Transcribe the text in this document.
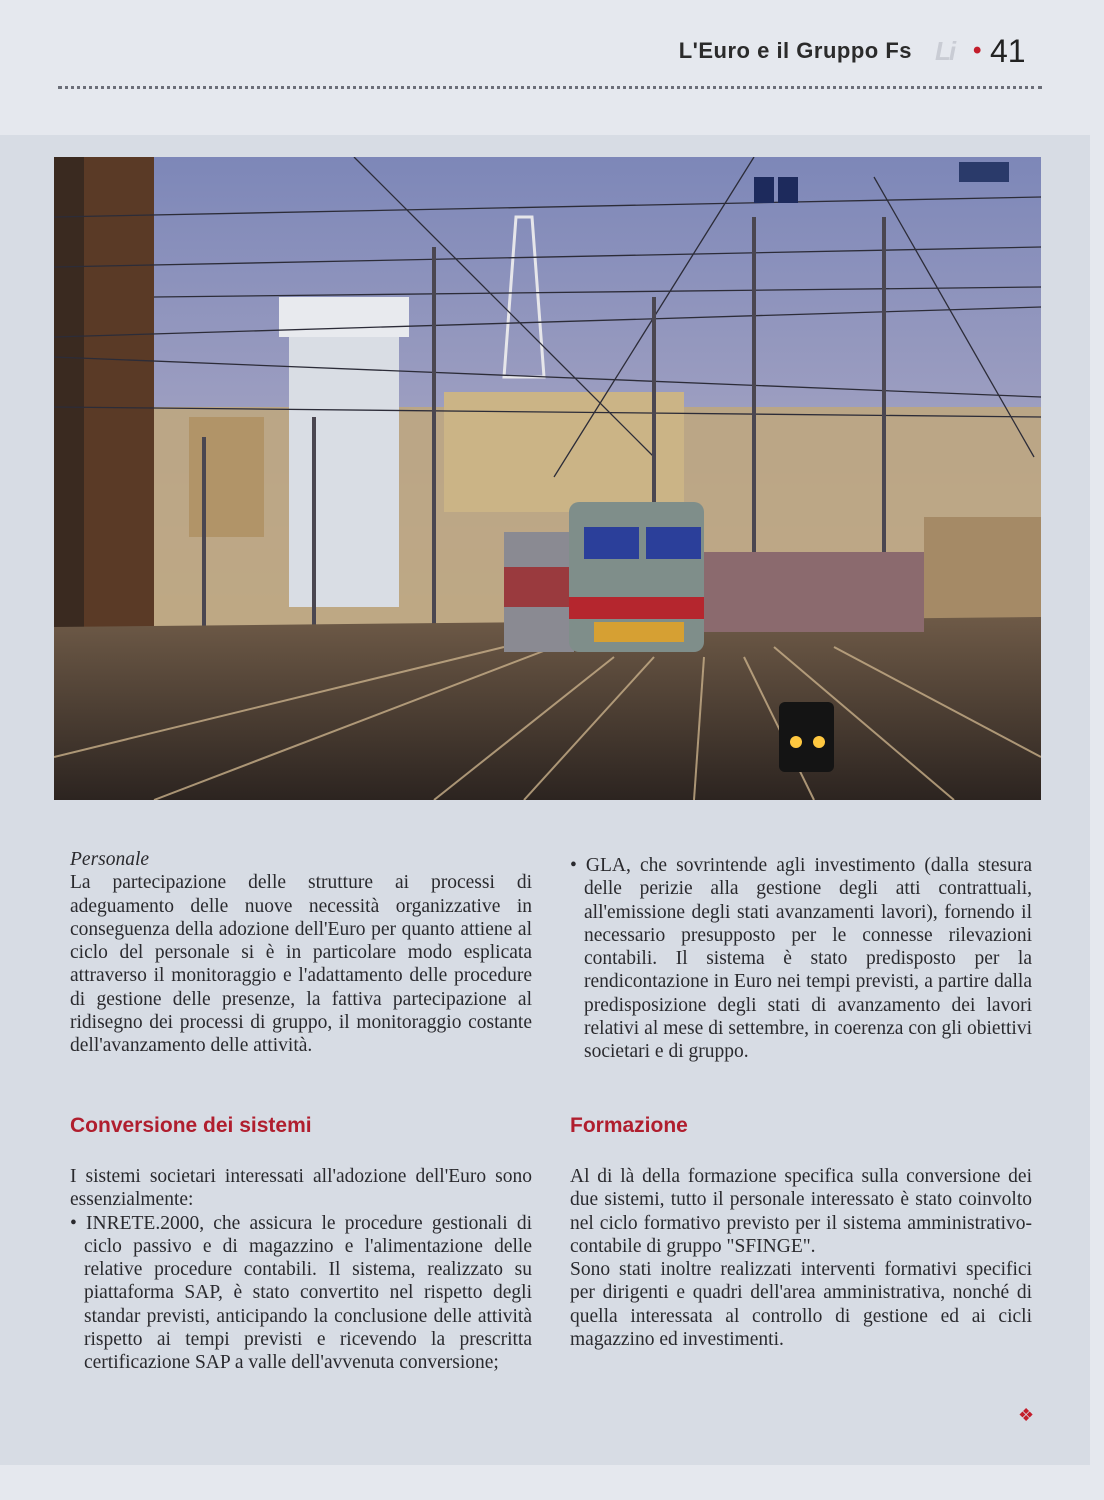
L'Euro e il Gruppo Fs Li • 41

Personale

La partecipazione delle strutture ai processi di adeguamento delle nuove necessità organizzative in conseguenza della adozione dell'Euro per quanto attiene al ciclo del personale si è in particolare modo esplicata attraverso il monitoraggio e l'adattamento delle procedure di gestione delle presenze, la fattiva partecipazione al ridisegno dei processi di gruppo, il monitoraggio costante dell'avanzamento delle attività.

Conversione dei sistemi

I sistemi societari interessati all'adozione dell'Euro sono essenzialmente:

• INRETE.2000, che assicura le procedure gestionali di ciclo passivo e di magazzino e l'alimentazione delle relative procedure contabili. Il sistema, realizzato su piattaforma SAP, è stato convertito nel rispetto degli standar previsti, anticipando la conclusione delle attività rispetto ai tempi previsti e ricevendo la prescritta certificazione SAP a valle dell'avvenuta conversione;

• GLA, che sovrintende agli investimento (dalla stesura delle perizie alla gestione degli atti contrattuali, all'emissione degli stati avanzamenti lavori), fornendo il necessario presupposto per le connesse rilevazioni contabili. Il sistema è stato predisposto per la rendicontazione in Euro nei tempi previsti, a partire dalla predisposizione degli stati di avanzamento dei lavori relativi al mese di settembre, in coerenza con gli obiettivi societari e di gruppo.

Formazione

Al di là della formazione specifica sulla conversione dei due sistemi, tutto il personale interessato è stato coinvolto nel ciclo formativo previsto per il sistema amministrativo-contabile di gruppo "SFINGE".

Sono stati inoltre realizzati interventi formativi specifici per dirigenti e quadri dell'area amministrativa, nonché di quella interessata al controllo di gestione ed ai cicli magazzino ed investimenti.

❖
